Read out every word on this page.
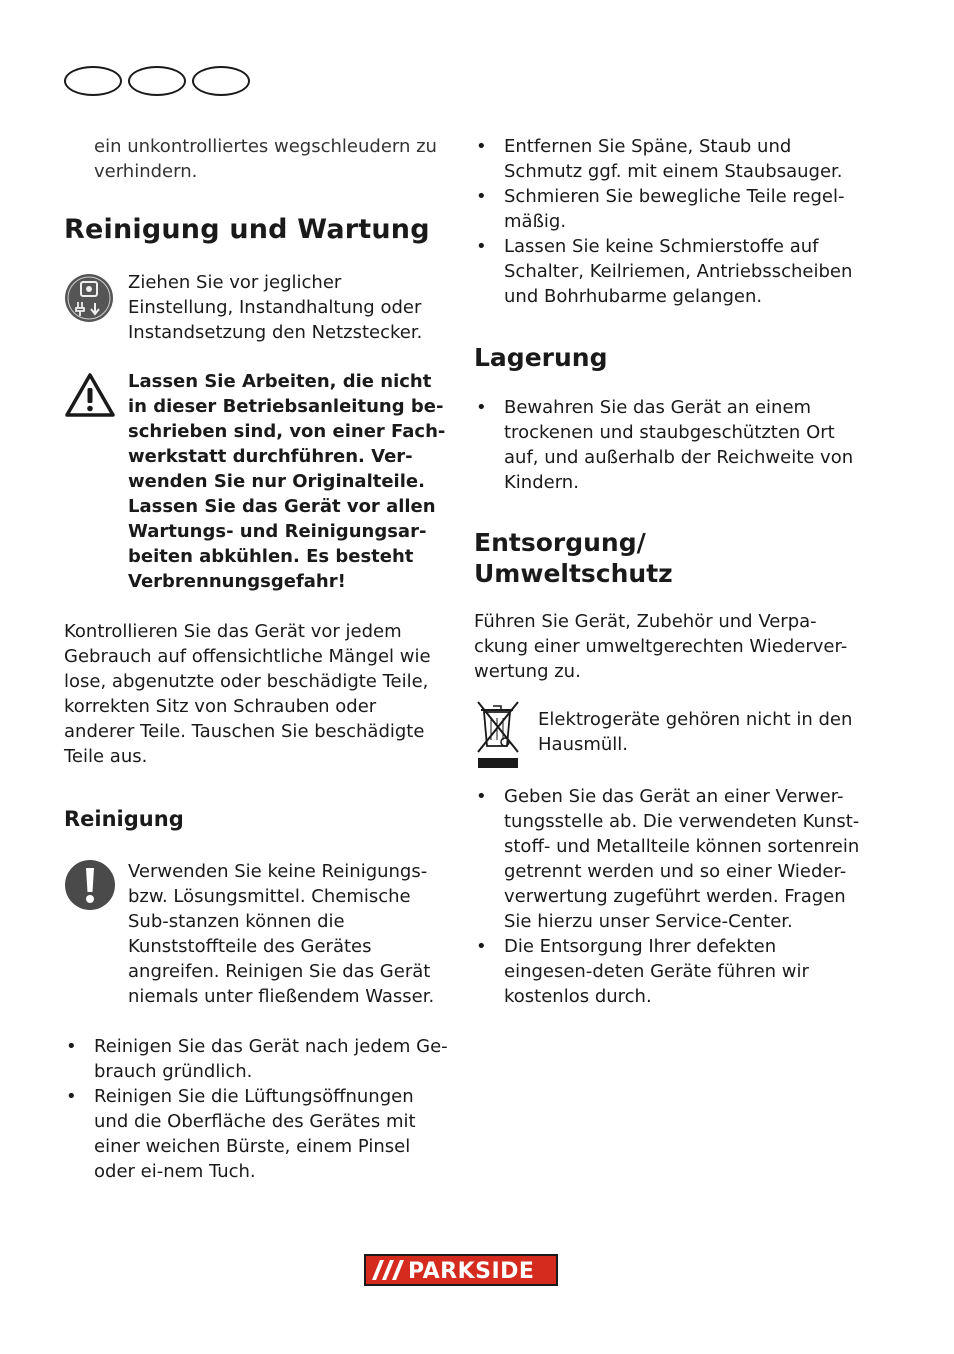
ein unkontrolliertes wegschleudern zu verhindern.

Reinigung und Wartung

Ziehen Sie vor jeglicher Einstellung, Instandhaltung oder Instandsetzung den Netzstecker.

Lassen Sie Arbeiten, die nicht in dieser Betriebsanleitung be-schrieben sind, von einer Fach-werkstatt durchführen. Ver-wenden Sie nur Originalteile. Lassen Sie das Gerät vor allen Wartungs- und Reinigungsar-beiten abkühlen. Es besteht Verbrennungsgefahr!

Kontrollieren Sie das Gerät vor jedem Gebrauch auf offensichtliche Mängel wie lose, abgenutzte oder beschädigte Teile, korrekten Sitz von Schrauben oder anderer Teile. Tauschen Sie beschädigte Teile aus.

Reinigung

Verwenden Sie keine Reinigungs-bzw. Lösungsmittel. Chemische Sub-stanzen können die Kunststoffteile des Gerätes angreifen. Reinigen Sie das Gerät niemals unter fließendem Wasser.

• Reinigen Sie das Gerät nach jedem Ge-brauch gründlich.
• Reinigen Sie die Lüftungsöffnungen und die Oberfläche des Gerätes mit einer weichen Bürste, einem Pinsel oder ei-nem Tuch.
• Entfernen Sie Späne, Staub und Schmutz ggf. mit einem Staubsauger.
• Schmieren Sie bewegliche Teile regel-mäßig.
• Lassen Sie keine Schmierstoffe auf Schalter, Keilriemen, Antriebsscheiben und Bohrhubarme gelangen.
Lagerung
• Bewahren Sie das Gerät an einem trockenen und staubgeschützten Ort auf, und außerhalb der Reichweite von Kindern.
Entsorgung/
Umweltschutz

Führen Sie Gerät, Zubehör und Verpa-ckung einer umweltgerechten Wiederver-wertung zu.

Elektrogeräte gehören nicht in den Hausmüll.

• Geben Sie das Gerät an einer Verwer-tungsstelle ab. Die verwendeten Kunst-stoff- und Metallteile können sortenrein getrennt werden und so einer Wieder-verwertung zugeführt werden. Fragen Sie hierzu unser Service-Center.
• Die Entsorgung Ihrer defekten eingesen-deten Geräte führen wir kostenlos durch.
PARKSIDE
